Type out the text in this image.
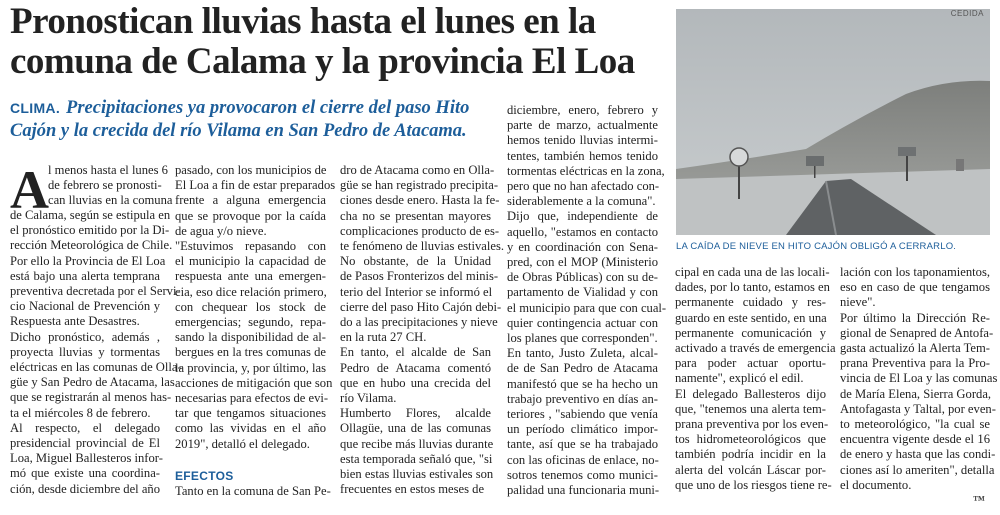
Pronostican lluvias hasta el lunes en la
comuna de Calama y la provincia El Loa
CLIMA. Precipitaciones ya provocaron el cierre del paso Hito
Cajón y la crecida del río Vilama en San Pedro de Atacama.
CEDIDA
LA CAÍDA DE NIEVE EN HITO CAJÓN OBLIGÓ A CERRARLO.
A l menos hasta el lunes 6
de febrero se pronosti-
can lluvias en la comuna
de Calama, según se estipula en
el pronóstico emitido por la Di-
rección Meteorológica de Chile.
Por ello la Provincia de El Loa
está bajo una alerta temprana
preventiva decretada por el Servi-
cio Nacional de Prevención y
Respuesta ante Desastres.
Dicho pronóstico, además ,
proyecta lluvias y tormentas
eléctricas en las comunas de Olla-
güe y San Pedro de Atacama, las
que se registrarán al menos has-
ta el miércoles 8 de febrero.
Al respecto, el delegado
presidencial provincial de El
Loa, Miguel Ballesteros infor-
mó que existe una coordina-
ción, desde diciembre del año
pasado, con los municipios de
El Loa a fin de estar preparados
frente a alguna emergencia
que se provoque por la caída
de agua y/o nieve.
"Estuvimos repasando con
el municipio la capacidad de
respuesta ante una emergen-
cia, eso dice relación primero,
con chequear los stock de
emergencias; segundo, repa-
sando la disponibilidad de al-
bergues en la tres comunas de
la provincia, y, por último, las
acciones de mitigación que son
necesarias para efectos de evi-
tar que tengamos situaciones
como las vividas en el año
2019", detalló el delegado.
EFECTOS
Tanto en la comuna de San Pe-
dro de Atacama como en Olla-
güe se han registrado precipita-
ciones desde enero. Hasta la fe-
cha no se presentan mayores
complicaciones producto de es-
te fenómeno de lluvias estivales.
No obstante, de la Unidad
de Pasos Fronterizos del minis-
terio del Interior se informó el
cierre del paso Hito Cajón debi-
do a las precipitaciones y nieve
en la ruta 27 CH.
En tanto, el alcalde de San
Pedro de Atacama comentó
que en hubo una crecida del
río Vilama.
Humberto Flores, alcalde
Ollagüe, una de las comunas
que recibe más lluvias durante
esta temporada señaló que, "si
bien estas lluvias estivales son
frecuentes en estos meses de
diciembre, enero, febrero y
parte de marzo, actualmente
hemos tenido lluvias intermi-
tentes, también hemos tenido
tormentas eléctricas en la zona,
pero que no han afectado con-
siderablemente a la comuna".
Dijo que, independiente de
aquello, "estamos en contacto
y en coordinación con Sena-
pred, con el MOP (Ministerio
de Obras Públicas) con su de-
partamento de Vialidad y con
el municipio para que con cual-
quier contingencia actuar con
los planes que corresponden".
En tanto, Justo Zuleta, alcal-
de de San Pedro de Atacama
manifestó que se ha hecho un
trabajo preventivo en días an-
teriores , "sabiendo que venía
un período climático impor-
tante, así que se ha trabajado
con las oficinas de enlace, no-
sotros tenemos como munici-
palidad una funcionaria muni-
cipal en cada una de las locali-
dades, por lo tanto, estamos en
permanente cuidado y res-
guardo en este sentido, en una
permanente comunicación y
activado a través de emergencia
para poder actuar oportu-
namente", explicó el edil.
El delegado Ballesteros dijo
que, "tenemos una alerta tem-
prana preventiva por los even-
tos hidrometeorológicos que
también podría incidir en la
alerta del volcán Láscar por-
que uno de los riesgos tiene re-
lación con los taponamientos,
eso en caso de que tengamos
nieve".
Por último la Dirección Re-
gional de Senapred de Antofa-
gasta actualizó la Alerta Tem-
prana Preventiva para la Pro-
vincia de El Loa y las comunas
de María Elena, Sierra Gorda,
Antofagasta y Taltal, por even-
to meteorológico, "la cual se
encuentra vigente desde el 16
de enero y hasta que las condi-
ciones así lo ameriten", detalla
el documento.
™
